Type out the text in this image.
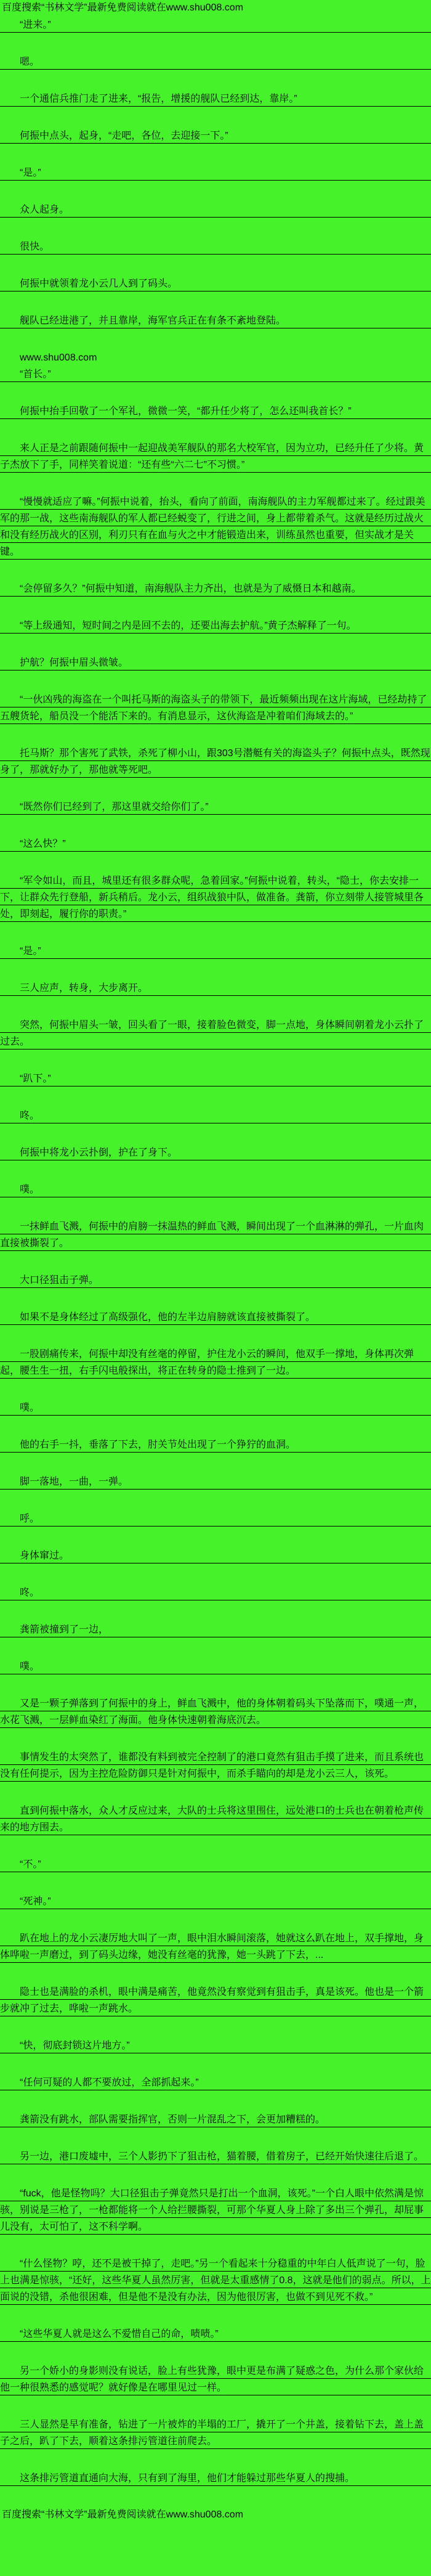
百度搜索“书林文学”最新免费阅读就在www.shu008.com

“进来。”

嗯。

一个通信兵推门走了进来，“报告，增援的舰队已经到达，靠岸。”

何振中点头，起身，“走吧，各位，去迎接一下。”

“是。”

众人起身。

很快。

何振中就领着龙小云几人到了码头。

舰队已经进港了，并且靠岸，海军官兵正在有条不紊地登陆。

www.shu008.com

“首长。”

何振中抬手回敬了一个军礼，微微一笑，“都升任少将了，怎么还叫我首长？”

来人正是之前跟随何振中一起迎战美军舰队的那名大校军官，因为立功，已经升任了少将。黄子杰放下了手，同样笑着说道：“还有些“六二七”不习惯。”

“慢慢就适应了嘛。”何振中说着，抬头，看向了前面，南海舰队的主力军舰都过来了。经过跟美军的那一战，这些南海舰队的军人都已经蜕变了，行进之间，身上都带着杀气。这就是经历过战火和没有经历战火的区别，利刃只有在血与火之中才能锻造出来，训练虽然也重要，但实战才是关键。

“会停留多久？”何振中知道，南海舰队主力齐出，也就是为了威慑日本和越南。

“等上级通知，短时间之内是回不去的，还要出海去护航。”黄子杰解释了一句。

护航？何振中眉头微皱。

“一伙凶残的海盗在一个叫托马斯的海盗头子的带领下，最近频频出现在这片海域，已经劫持了五艘货轮，船员没一个能活下来的。有消息显示，这伙海盗是冲着咱们海域去的。”

托马斯？那个害死了武铁，杀死了柳小山，跟303号潜艇有关的海盗头子？何振中点头，既然现身了，那就好办了，那他就等死吧。

“既然你们已经到了，那这里就交给你们了。”

“这么快？”

“军令如山，而且，城里还有很多群众呢，急着回家。”何振中说着，转头，“隐士，你去安排一下，让群众先行登船，新兵稍后。龙小云，组织战狼中队，做准备。龚箭，你立刻带人接管城里各处，即刻起，履行你的职责。”

“是。”

三人应声，转身，大步离开。

突然，何振中眉头一皱，回头看了一眼，接着脸色微变，脚一点地，身体瞬间朝着龙小云扑了过去。

“趴下。”

咚。

何振中将龙小云扑倒，护在了身下。

噗。

一抹鲜血飞溅，何振中的肩膀一抹温热的鲜血飞溅，瞬间出现了一个血淋淋的弹孔，一片血肉直接被撕裂了。

大口径狙击子弹。

如果不是身体经过了高级强化，他的左半边肩膀就该直接被撕裂了。

一股剧痛传来，何振中却没有丝毫的停留，护住龙小云的瞬间，他双手一撑地，身体再次弹起，腰生生一扭，右手闪电般探出，将正在转身的隐士推到了一边。

噗。

他的右手一抖，垂落了下去，肘关节处出现了一个狰狞的血洞。

脚一落地，一曲，一弹。

呼。

身体窜过。

咚。

龚箭被撞到了一边，

噗。

又是一颗子弹落到了何振中的身上，鲜血飞溅中，他的身体朝着码头下坠落而下，噗通一声，水花飞溅，一层鲜血染红了海面。他身体快速朝着海底沉去。

事情发生的太突然了，谁都没有料到被完全控制了的港口竟然有狙击手摸了进来，而且系统也没有任何提示，因为主控危险防御只是针对何振中，而杀手瞄向的却是龙小云三人，该死。

直到何振中落水，众人才反应过来，大队的士兵将这里围住，远处港口的士兵也在朝着枪声传来的地方围去。

“不。”

“死神。”

趴在地上的龙小云凄厉地大叫了一声，眼中泪水瞬间滚落，她就这么趴在地上，双手撑地，身体哗啦一声磨过，到了码头边缘，她没有丝毫的犹豫，她一头跳了下去，...

隐士也是满脸的杀机，眼中满是痛苦，他竟然没有察觉到有狙击手，真是该死。他也是一个箭步就冲了过去，哗啦一声跳水。

“快，彻底封锁这片地方。”

“任何可疑的人都不要放过，全部抓起来。”

龚箭没有跳水，部队需要指挥官，否则一片混乱之下，会更加糟糕的。

另一边，港口废墟中，三个人影扔下了狙击枪，猫着腰，借着房子，已经开始快速往后退了。

“fuck，他是怪物吗？大口径狙击子弹竟然只是打出一个血洞，该死。”一个白人眼中依然满是惊骇，别说是三枪了，一枪都能将一个人给拦腰撕裂，可那个华夏人身上除了多出三个弹孔，却屁事儿没有，太可怕了，这不科学啊。

“什么怪物？哼，还不是被干掉了，走吧。”另一个看起来十分稳重的中年白人低声说了一句，脸上也满是惊骇，“还好，这些华夏人虽然厉害，但就是太重感情了0.8，这就是他们的弱点。所以，上面说的没错，杀他很困难，但是他不是没有办法，因为他很厉害，也做不到见死不救。”

“这些华夏人就是这么不爱惜自己的命，啧啧。”

另一个娇小的身影则没有说话，脸上有些犹豫，眼中更是布满了疑惑之色，为什么那个家伙给他一种很熟悉的感觉呢？就好像是在哪里见过一样。

三人显然是早有准备，钻进了一片被炸的半塌的工厂，撬开了一个井盖，接着钻下去，盖上盖子之后，趴了下去，顺着这条排污管道往前爬去。

这条排污管道直通向大海，只有到了海里，他们才能躲过那些华夏人的搜捕。

百度搜索“书林文学”最新免费阅读就在www.shu008.com
